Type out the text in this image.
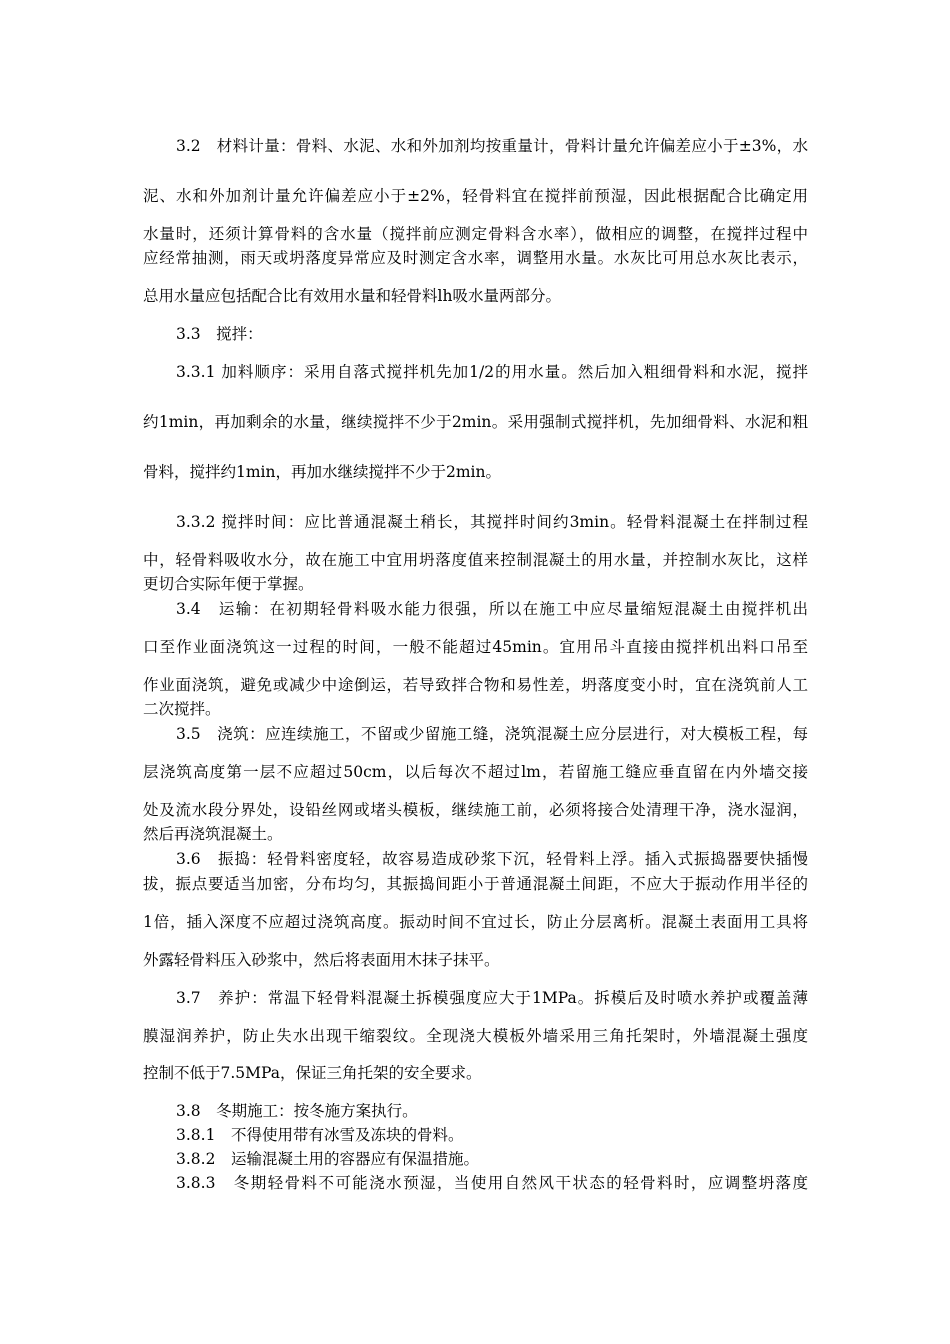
3.2　材料计量：骨料、水泥、水和外加剂均按重量计，骨料计量允许偏差应小于±3%，水
泥、水和外加剂计量允许偏差应小于±2%，轻骨料宜在搅拌前预湿，因此根据配合比确定用
水量时，还须计算骨料的含水量（搅拌前应测定骨料含水率），做相应的调整，在搅拌过程中
应经常抽测，雨天或坍落度异常应及时测定含水率，调整用水量。水灰比可用总水灰比表示，
总用水量应包括配合比有效用水量和轻骨料lh吸水量两部分。
3.3　搅拌：
3.3.1 加料顺序：采用自落式搅拌机先加1/2的用水量。然后加入粗细骨料和水泥，搅拌
约1min，再加剩余的水量，继续搅拌不少于2min。采用强制式搅拌机，先加细骨料、水泥和粗
骨料，搅拌约1min，再加水继续搅拌不少于2min。
3.3.2 搅拌时间：应比普通混凝土稍长，其搅拌时间约3min。轻骨料混凝土在拌制过程
中，轻骨料吸收水分，故在施工中宜用坍落度值来控制混凝土的用水量，并控制水灰比，这样
更切合实际年便于掌握。
3.4　运输：在初期轻骨料吸水能力很强，所以在施工中应尽量缩短混凝土由搅拌机出
口至作业面浇筑这一过程的时间，一般不能超过45min。宜用吊斗直接由搅拌机出料口吊至
作业面浇筑，避免或减少中途倒运，若导致拌合物和易性差，坍落度变小时，宜在浇筑前人工
二次搅拌。
3.5　浇筑：应连续施工，不留或少留施工缝，浇筑混凝土应分层进行，对大模板工程，每
层浇筑高度第一层不应超过50cm，以后每次不超过lm，若留施工缝应垂直留在内外墙交接
处及流水段分界处，设铅丝网或堵头模板，继续施工前，必须将接合处清理干净，浇水湿润，
然后再浇筑混凝土。
3.6　振捣：轻骨料密度轻，故容易造成砂浆下沉，轻骨料上浮。插入式振捣器要快插慢
拔，振点要适当加密，分布均匀，其振捣间距小于普通混凝土间距，不应大于振动作用半径的
1倍，插入深度不应超过浇筑高度。振动时间不宜过长，防止分层离析。混凝土表面用工具将
外露轻骨料压入砂浆中，然后将表面用木抹子抹平。
3.7　养护：常温下轻骨料混凝土拆模强度应大于1MPa。拆模后及时喷水养护或覆盖薄
膜湿润养护，防止失水出现干缩裂纹。全现浇大模板外墙采用三角托架时，外墙混凝土强度
控制不低于7.5MPa，保证三角托架的安全要求。
3.8　冬期施工：按冬施方案执行。
3.8.1　不得使用带有冰雪及冻块的骨料。
3.8.2　运输混凝土用的容器应有保温措施。
3.8.3　冬期轻骨料不可能浇水预湿，当使用自然风干状态的轻骨料时，应调整坍落度
